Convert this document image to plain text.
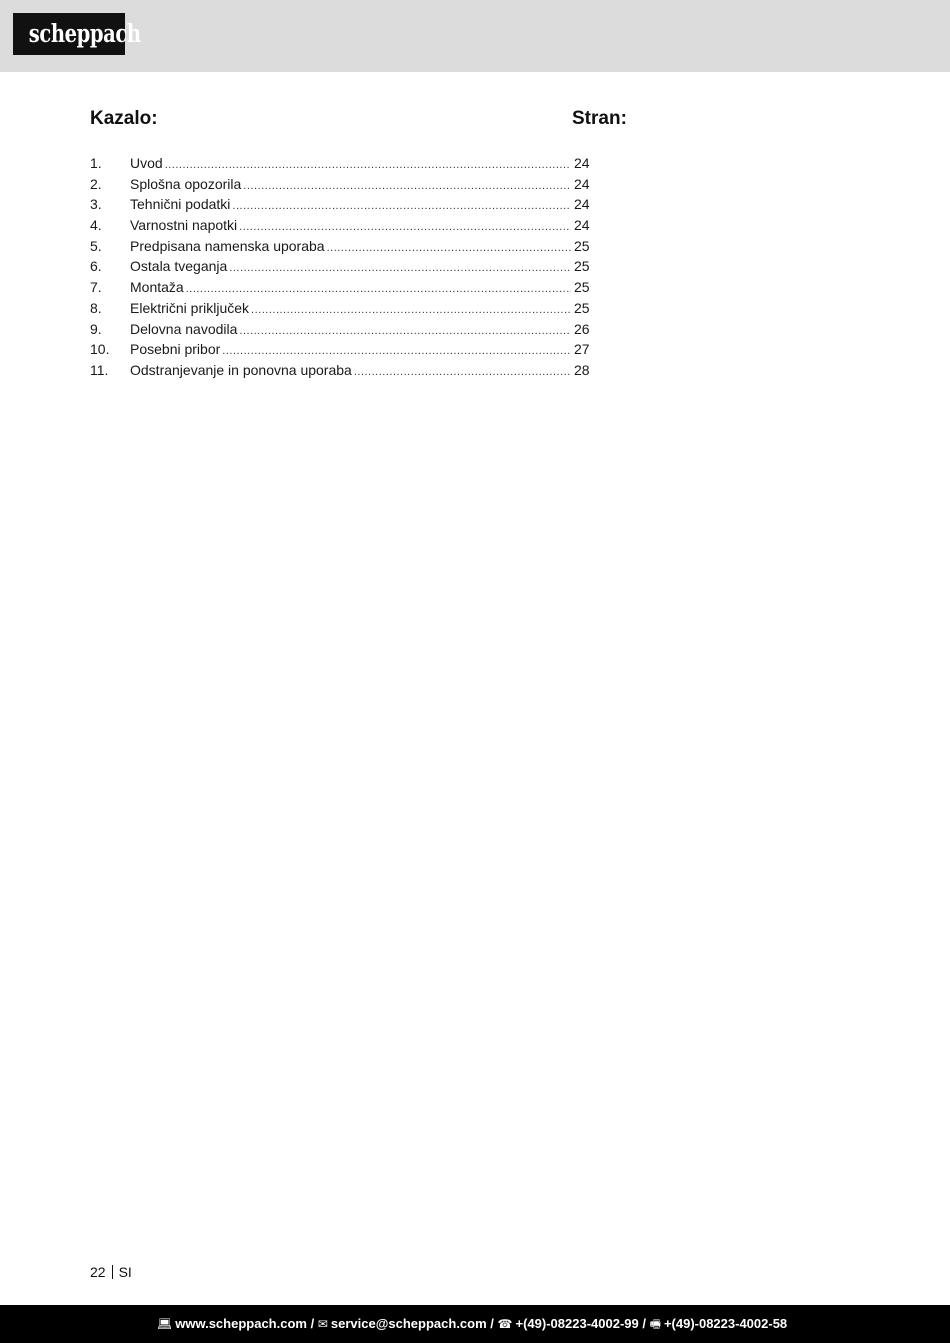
scheppach
Kazalo:	Stran:
1.	Uvod .....	24
2.	Splošna opozorila .....	24
3.	Tehnični podatki .....	24
4.	Varnostni napotki .....	24
5.	Predpisana namenska uporaba .....	25
6.	Ostala tveganja .....	25
7.	Montaža .....	25
8.	Električni priključek .....	25
9.	Delovna navodila .....	26
10.	Posebni pribor .....	27
11.	Odstranjevanje in ponovna uporaba .....	28
22 SI
💻︎ www.scheppach.com / ✉︎ service@scheppach.com / ☎︎ +(49)-08223-4002-99 / 🖷︎ +(49)-08223-4002-58
